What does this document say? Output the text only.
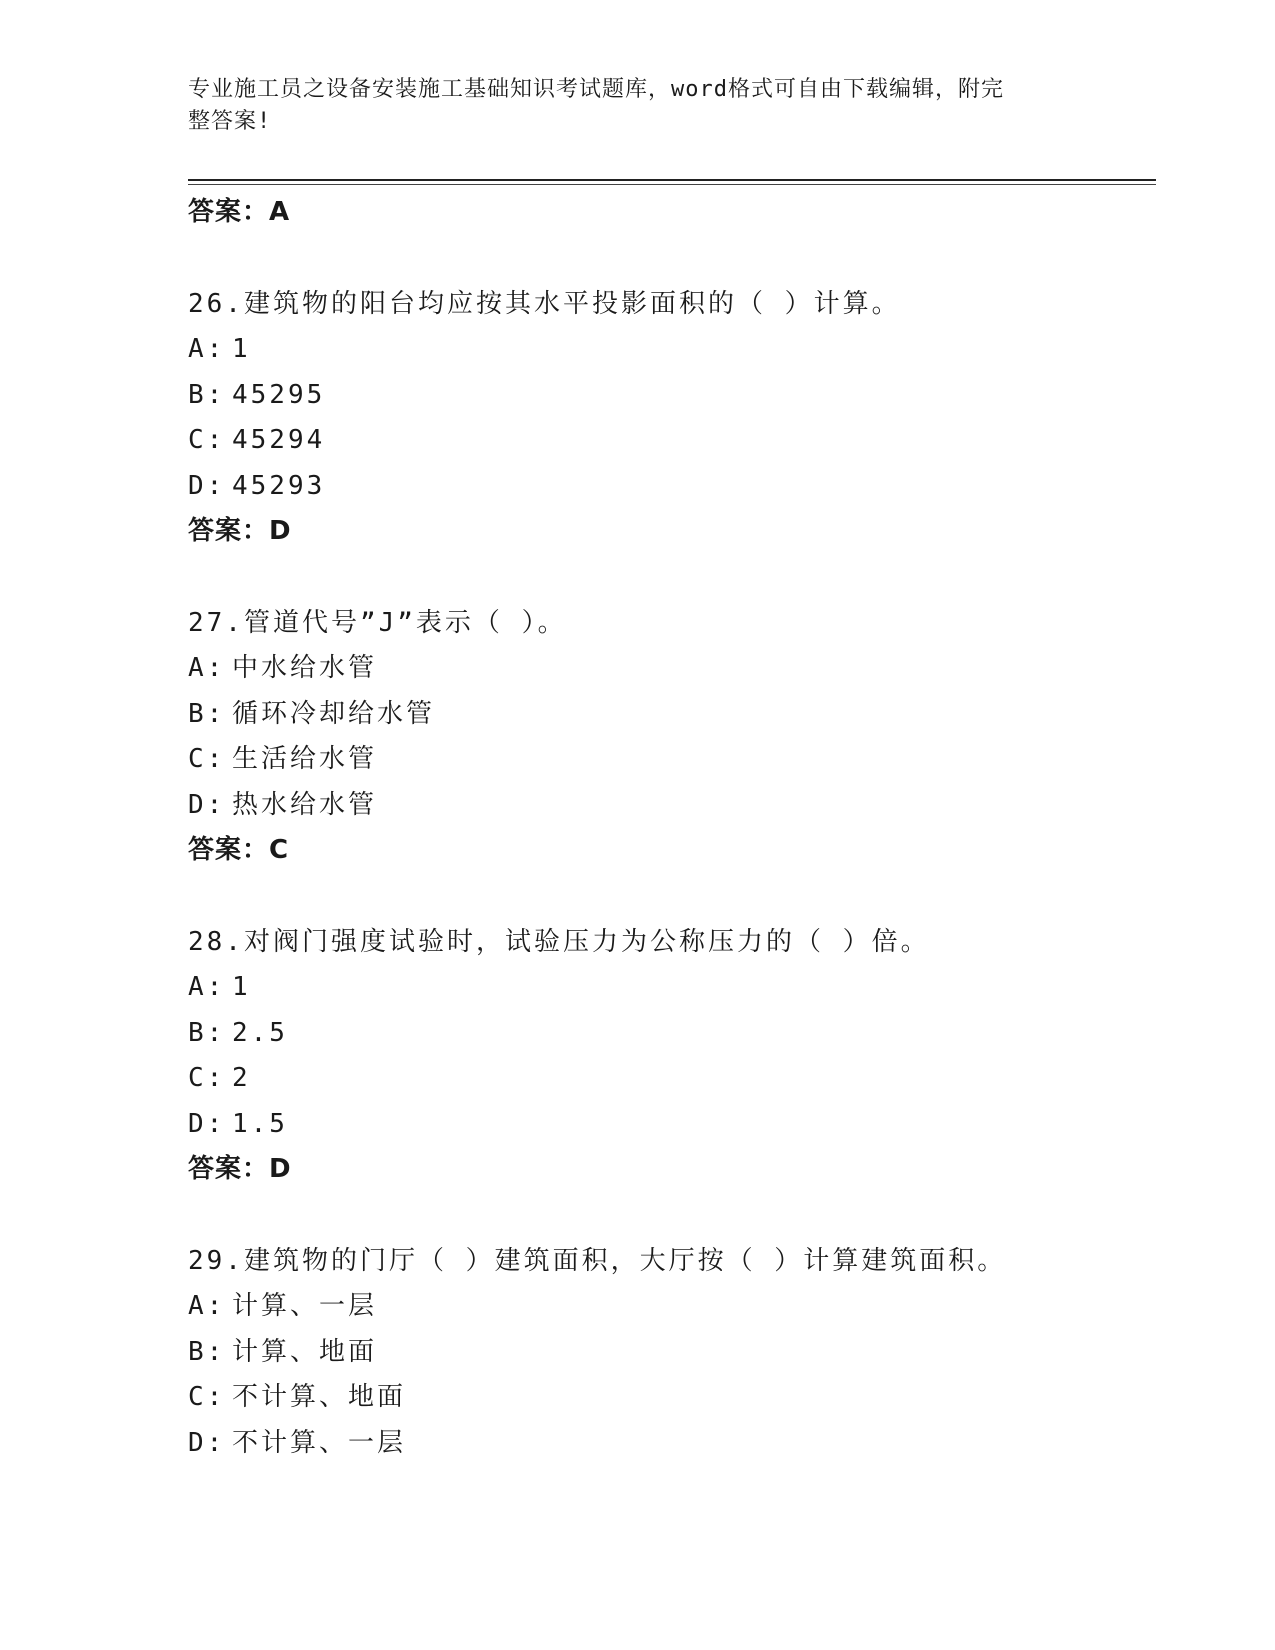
专业施工员之设备安装施工基础知识考试题库，word格式可自由下载编辑，附完
整答案!
答案：A
26.建筑物的阳台均应按其水平投影面积的（ ）计算。
A: 1
B: 45295
C: 45294
D: 45293
答案：D
27.管道代号”J”表示（ ）。
A: 中水给水管
B: 循环冷却给水管
C: 生活给水管
D: 热水给水管
答案：C
28.对阀门强度试验时，试验压力为公称压力的（ ）倍。
A: 1
B: 2.5
C: 2
D: 1.5
答案：D
29.建筑物的门厅（ ）建筑面积，大厅按（ ）计算建筑面积。
A: 计算、一层
B: 计算、地面
C: 不计算、地面
D: 不计算、一层
